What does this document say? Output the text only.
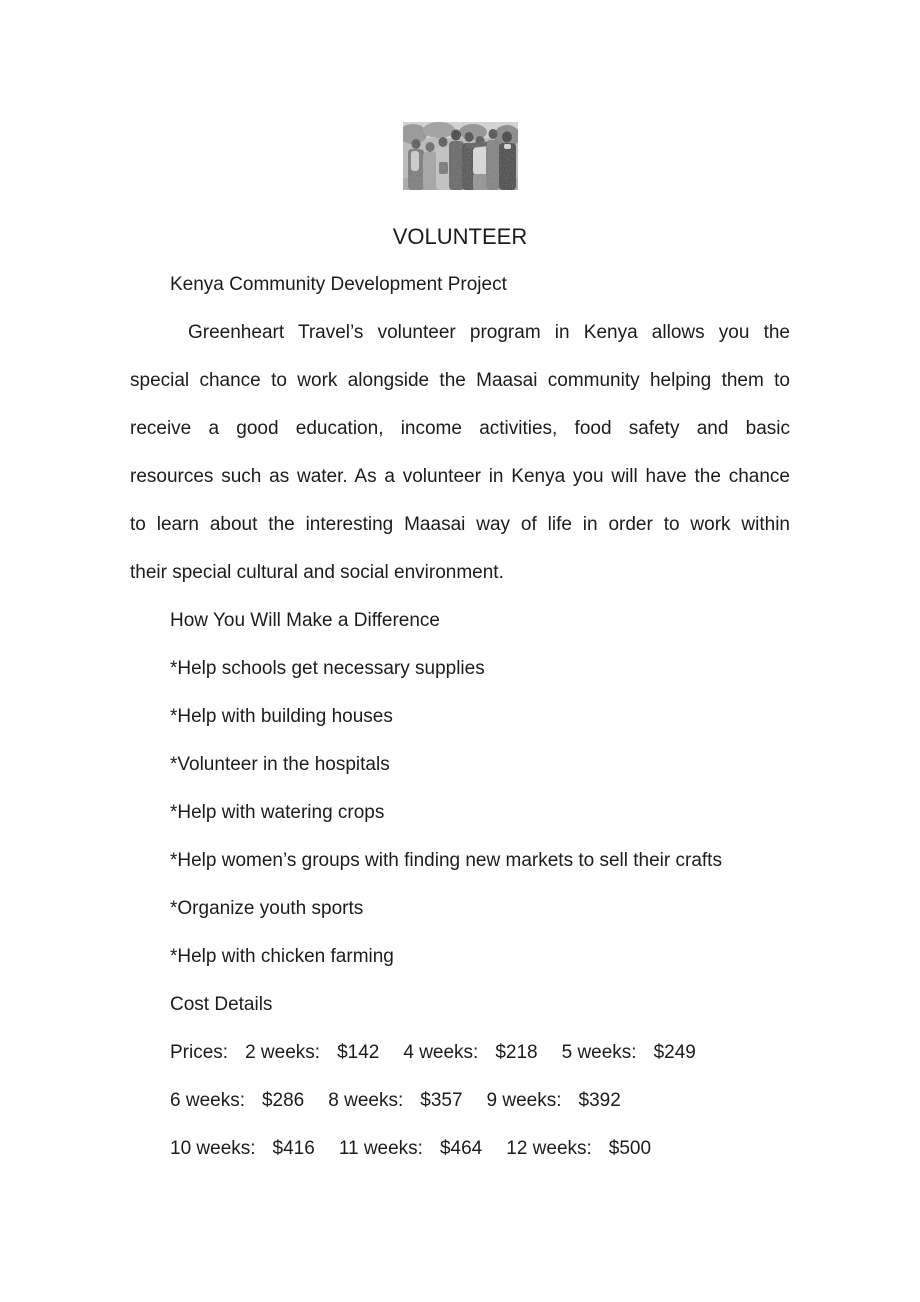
VOLUNTEER
Kenya Community Development Project
Greenheart Travel’s volunteer program in Kenya allows you the
special chance to work alongside the Maasai community helping them to
receive a good education, income activities, food safety and basic
resources such as water. As a volunteer in Kenya you will have the chance
to learn about the interesting Maasai way of life in order to work within
their special cultural and social environment.
How You Will Make a Difference
*Help schools get necessary supplies
*Help with building houses
*Volunteer in the hospitals
*Help with watering crops
*Help women’s groups with finding new markets to sell their crafts
*Organize youth sports
*Help with chicken farming
Cost Details
Prices: 2 weeks: $142 4 weeks: $218 5 weeks: $249
6 weeks: $286 8 weeks: $357 9 weeks: $392
10 weeks: $416 11 weeks: $464 12 weeks: $500
